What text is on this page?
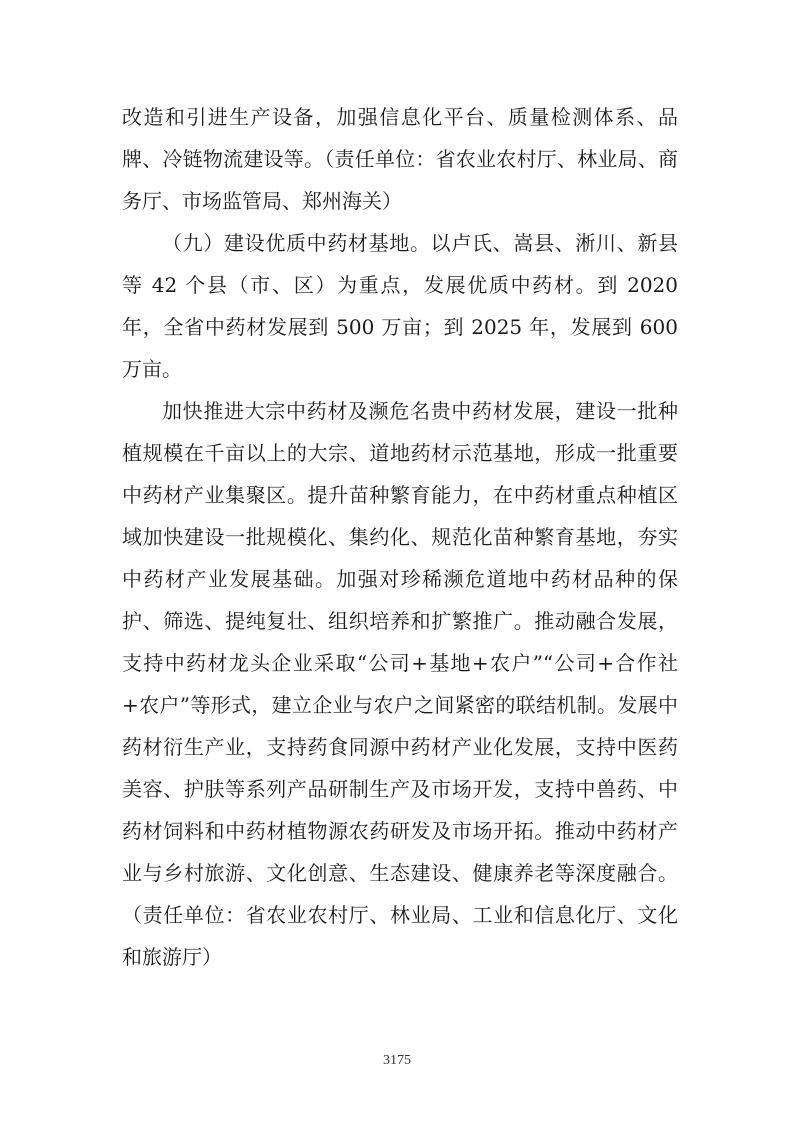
改造和引进生产设备，加强信息化平台、质量检测体系、品牌、冷链物流建设等。（责任单位：省农业农村厅、林业局、商务厅、市场监管局、郑州海关）

（九）建设优质中药材基地。以卢氏、嵩县、淅川、新县等 42 个县（市、区）为重点，发展优质中药材。到 2020 年，全省中药材发展到 500 万亩；到 2025 年，发展到 600 万亩。

加快推进大宗中药材及濒危名贵中药材发展，建设一批种植规模在千亩以上的大宗、道地药材示范基地，形成一批重要中药材产业集聚区。提升苗种繁育能力，在中药材重点种植区域加快建设一批规模化、集约化、规范化苗种繁育基地，夯实中药材产业发展基础。加强对珍稀濒危道地中药材品种的保护、筛选、提纯复壮、组织培养和扩繁推广。推动融合发展，支持中药材龙头企业采取“公司+基地+农户”“公司+合作社+农户”等形式，建立企业与农户之间紧密的联结机制。发展中药材衍生产业，支持药食同源中药材产业化发展，支持中医药美容、护肤等系列产品研制生产及市场开发，支持中兽药、中药材饲料和中药材植物源农药研发及市场开拓。推动中药材产业与乡村旅游、文化创意、生态建设、健康养老等深度融合。（责任单位：省农业农村厅、林业局、工业和信息化厅、文化和旅游厅）

3175
